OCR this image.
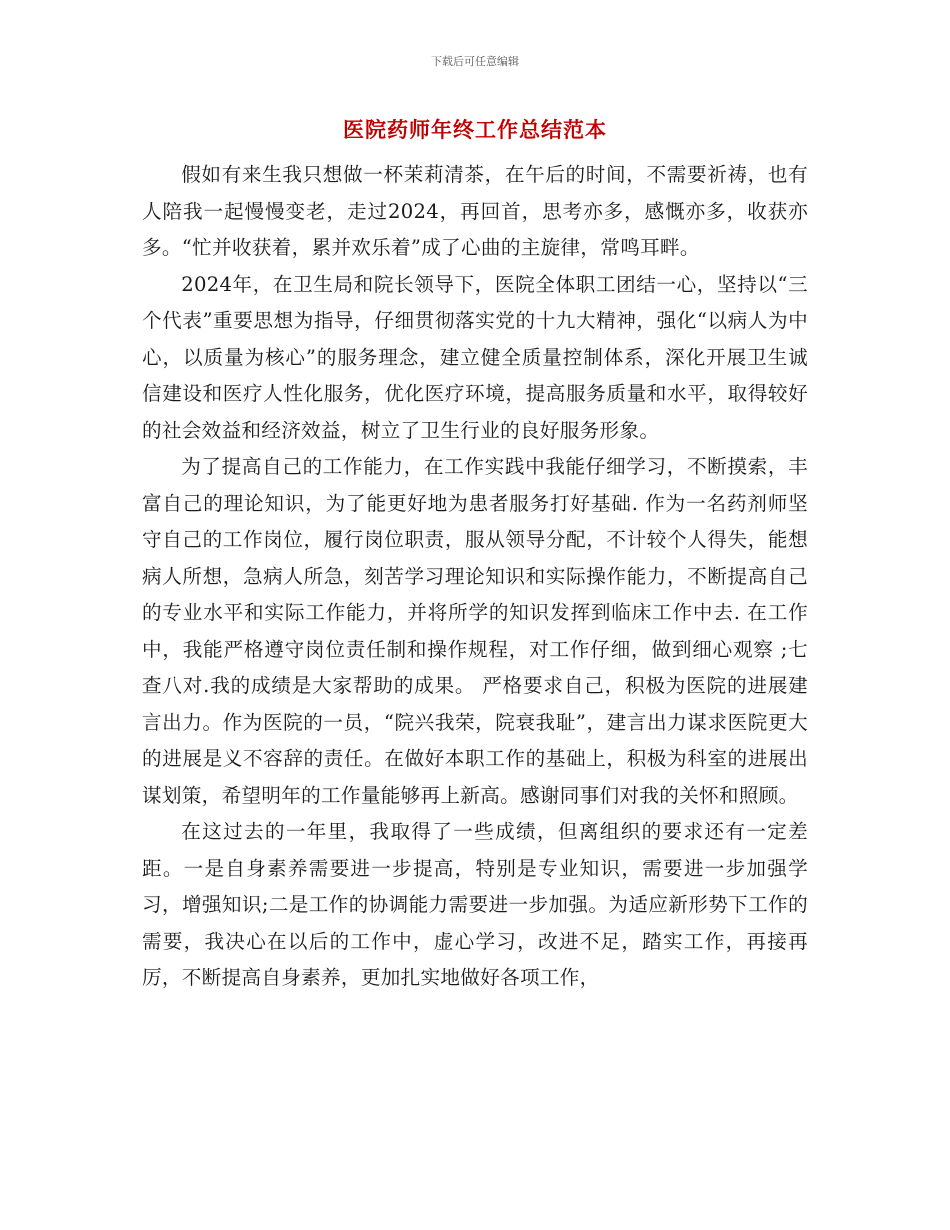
下载后可任意编辑
医院药师年终工作总结范本

假如有来生我只想做一杯茉莉清茶，在午后的时间，不需要祈祷，也有人陪我一起慢慢变老，走过2024，再回首，思考亦多，感慨亦多，收获亦多。“忙并收获着，累并欢乐着”成了心曲的主旋律，常鸣耳畔。

2024年，在卫生局和院长领导下，医院全体职工团结一心，坚持以“三个代表”重要思想为指导，仔细贯彻落实党的十九大精神，强化“以病人为中心，以质量为核心”的服务理念，建立健全质量控制体系，深化开展卫生诚信建设和医疗人性化服务，优化医疗环境，提高服务质量和水平，取得较好的社会效益和经济效益，树立了卫生行业的良好服务形象。

为了提高自己的工作能力，在工作实践中我能仔细学习，不断摸索，丰富自己的理论知识，为了能更好地为患者服务打好基础. 作为一名药剂师坚守自己的工作岗位，履行岗位职责，服从领导分配，不计较个人得失，能想病人所想，急病人所急，刻苦学习理论知识和实际操作能力，不断提高自己的专业水平和实际工作能力，并将所学的知识发挥到临床工作中去. 在工作中，我能严格遵守岗位责任制和操作规程，对工作仔细，做到细心观察 ;七查八对.我的成绩是大家帮助的成果。 严格要求自己，积极为医院的进展建言出力。作为医院的一员，“院兴我荣，院衰我耻”，建言出力谋求医院更大的进展是义不容辞的责任。在做好本职工作的基础上，积极为科室的进展出谋划策，希望明年的工作量能够再上新高。感谢同事们对我的关怀和照顾。

在这过去的一年里，我取得了一些成绩，但离组织的要求还有一定差距。一是自身素养需要进一步提高，特别是专业知识，需要进一步加强学习，增强知识;二是工作的协调能力需要进一步加强。为适应新形势下工作的需要，我决心在以后的工作中，虚心学习，改进不足，踏实工作，再接再厉，不断提高自身素养，更加扎实地做好各项工作，
